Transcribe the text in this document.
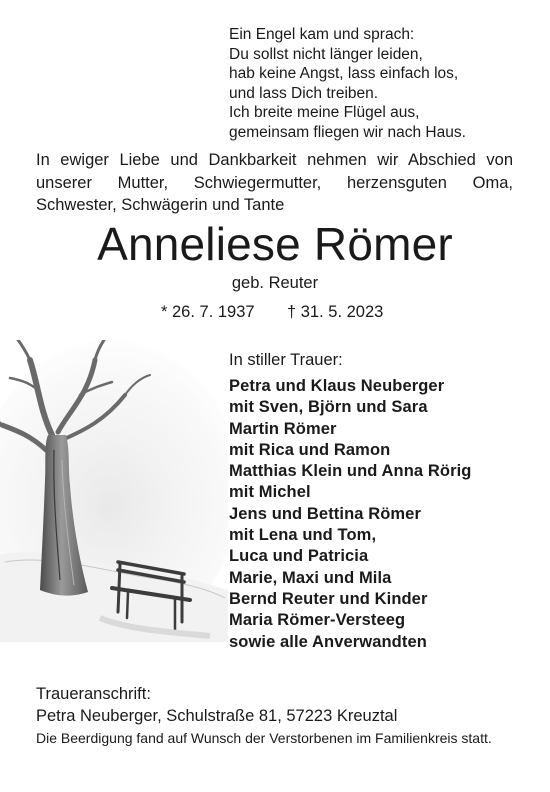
Ein Engel kam und sprach:
Du sollst nicht länger leiden,
hab keine Angst, lass einfach los,
und lass Dich treiben.
Ich breite meine Flügel aus,
gemeinsam fliegen wir nach Haus.
In ewiger Liebe und Dankbarkeit nehmen wir Abschied von unserer Mutter, Schwiegermutter, herzensguten Oma, Schwester, Schwägerin und Tante
Anneliese Römer
geb. Reuter
* 26. 7. 1937 † 31. 5. 2023
In stiller Trauer:
Petra und Klaus Neuberger
mit Sven, Björn und Sara
Martin Römer
mit Rica und Ramon
Matthias Klein und Anna Rörig
mit Michel
Jens und Bettina Römer
mit Lena und Tom,
Luca und Patricia
Marie, Maxi und Mila
Bernd Reuter und Kinder
Maria Römer-Versteeg
sowie alle Anverwandten
Traueranschrift:
Petra Neuberger, Schulstraße 81, 57223 Kreuztal
Die Beerdigung fand auf Wunsch der Verstorbenen im Familienkreis statt.
